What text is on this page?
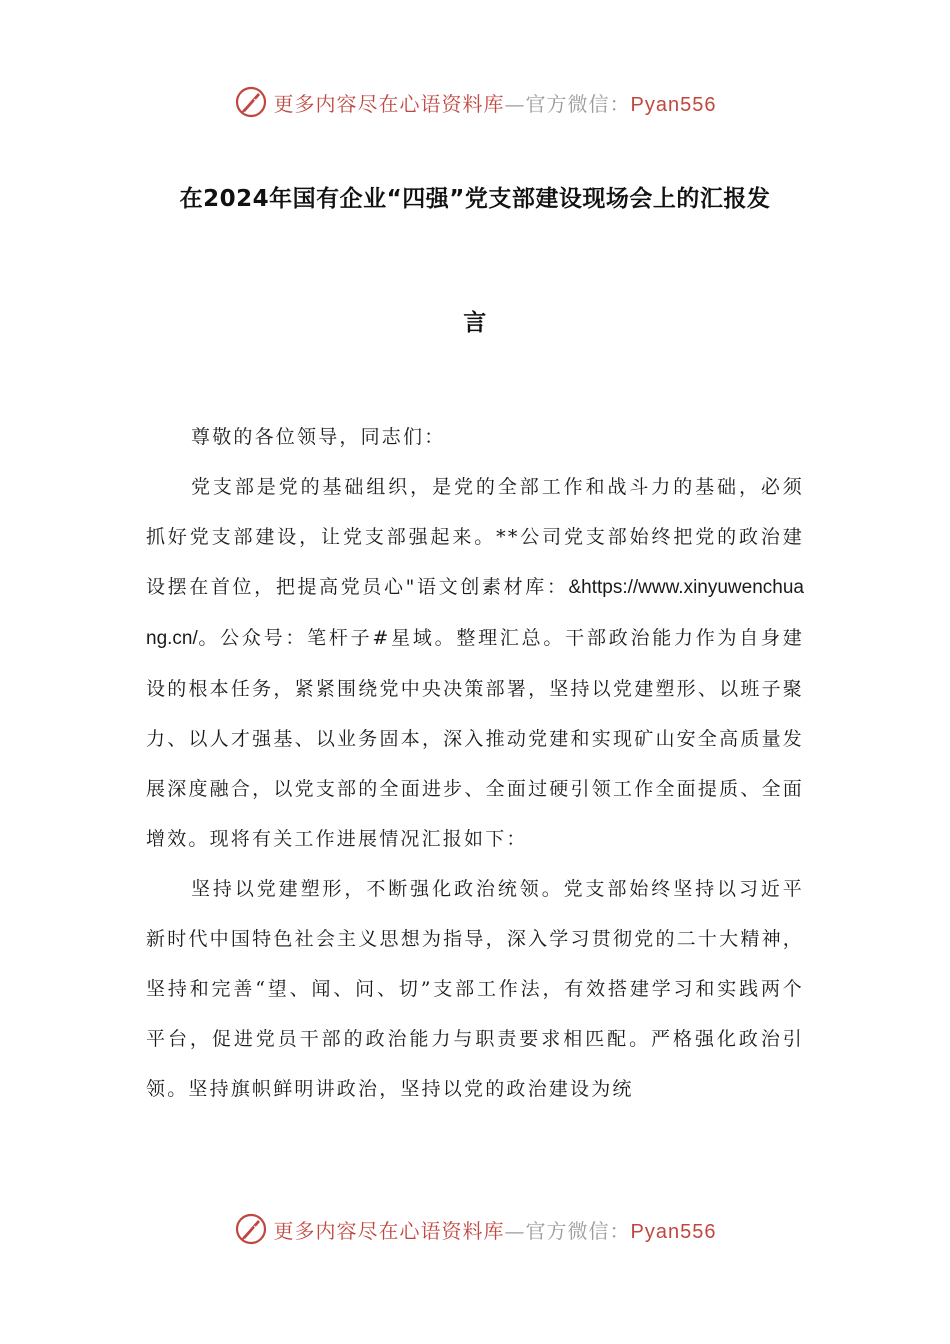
更多内容尽在心语资料库—官方微信：Pyan556
在2024年国有企业“四强”党支部建设现场会上的汇报发
言

尊敬的各位领导，同志们：

党支部是党的基础组织，是党的全部工作和战斗力的基础，必须抓好党支部建设，让党支部强起来。**公司党支部始终把党的政治建设摆在首位，把提高党员心"语文创素材库：&https://www.xinyuwenchuang.cn/。公众号：笔杆子#星域。整理汇总。干部政治能力作为自身建设的根本任务，紧紧围绕党中央决策部署，坚持以党建塑形、以班子聚力、以人才强基、以业务固本，深入推动党建和实现矿山安全高质量发展深度融合，以党支部的全面进步、全面过硬引领工作全面提质、全面增效。现将有关工作进展情况汇报如下：

坚持以党建塑形，不断强化政治统领。党支部始终坚持以习近平新时代中国特色社会主义思想为指导，深入学习贯彻党的二十大精神，坚持和完善“望、闻、问、切”支部工作法，有效搭建学习和实践两个平台，促进党员干部的政治能力与职责要求相匹配。严格强化政治引领。坚持旗帜鲜明讲政治，坚持以党的政治建设为统

更多内容尽在心语资料库—官方微信：Pyan556
